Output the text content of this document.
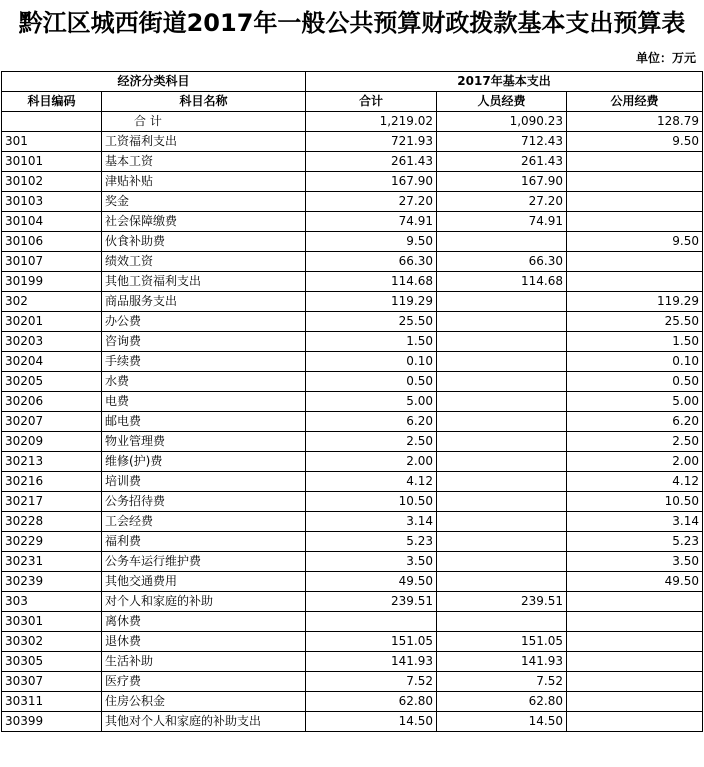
黔江区城西街道2017年一般公共预算财政拨款基本支出预算表
单位：万元
经济分类科目		2017年基本支出		
科目编码	科目名称	合计	人员经费	公用经费
	合 计	1,219.02	1,090.23	128.79
301	工资福利支出	721.93	712.43	9.50
30101	基本工资	261.43	261.43	
30102	津贴补贴	167.90	167.90	
30103	奖金	27.20	27.20	
30104	社会保障缴费	74.91	74.91	
30106	伙食补助费	9.50		9.50
30107	绩效工资	66.30	66.30	
30199	其他工资福利支出	114.68	114.68	
302	商品服务支出	119.29		119.29
30201	办公费	25.50		25.50
30203	咨询费	1.50		1.50
30204	手续费	0.10		0.10
30205	水费	0.50		0.50
30206	电费	5.00		5.00
30207	邮电费	6.20		6.20
30209	物业管理费	2.50		2.50
30213	维修(护)费	2.00		2.00
30216	培训费	4.12		4.12
30217	公务招待费	10.50		10.50
30228	工会经费	3.14		3.14
30229	福利费	5.23		5.23
30231	公务车运行维护费	3.50		3.50
30239	其他交通费用	49.50		49.50
303	对个人和家庭的补助	239.51	239.51	
30301	离休费			
30302	退休费	151.05	151.05	
30305	生活补助	141.93	141.93	
30307	医疗费	7.52	7.52	
30311	住房公积金	62.80	62.80	
30399	其他对个人和家庭的补助支出	14.50	14.50	
